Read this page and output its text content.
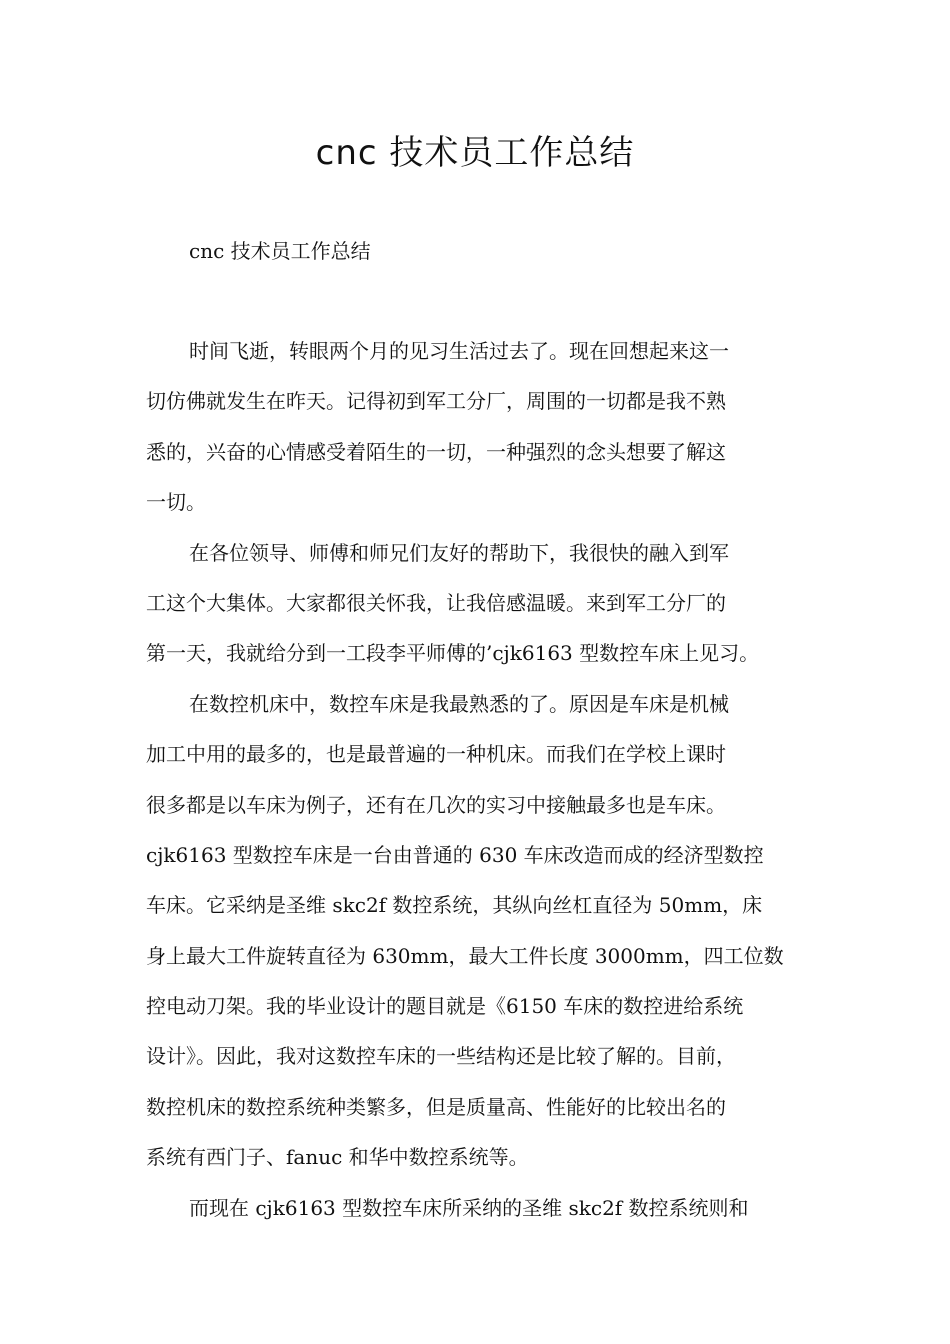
cnc 技术员工作总结

cnc 技术员工作总结

时间飞逝，转眼两个月的见习生活过去了。现在回想起来这一
切仿佛就发生在昨天。记得初到军工分厂，周围的一切都是我不熟
悉的，兴奋的心情感受着陌生的一切，一种强烈的念头想要了解这
一切。
在各位领导、师傅和师兄们友好的帮助下，我很快的融入到军
工这个大集体。大家都很关怀我，让我倍感温暖。来到军工分厂的
第一天，我就给分到一工段李平师傅的’cjk6163 型数控车床上见习。
在数控机床中，数控车床是我最熟悉的了。原因是车床是机械
加工中用的最多的，也是最普遍的一种机床。而我们在学校上课时
很多都是以车床为例子，还有在几次的实习中接触最多也是车床。
cjk6163 型数控车床是一台由普通的 630 车床改造而成的经济型数控
车床。它采纳是圣维 skc2f 数控系统，其纵向丝杠直径为 50mm，床
身上最大工件旋转直径为 630mm，最大工件长度 3000mm，四工位数
控电动刀架。我的毕业设计的题目就是《6150 车床的数控进给系统
设计》。因此，我对这数控车床的一些结构还是比较了解的。目前，
数控机床的数控系统种类繁多，但是质量高、性能好的比较出名的
系统有西门子、fanuc 和华中数控系统等。
而现在 cjk6163 型数控车床所采纳的圣维 skc2f 数控系统则和
